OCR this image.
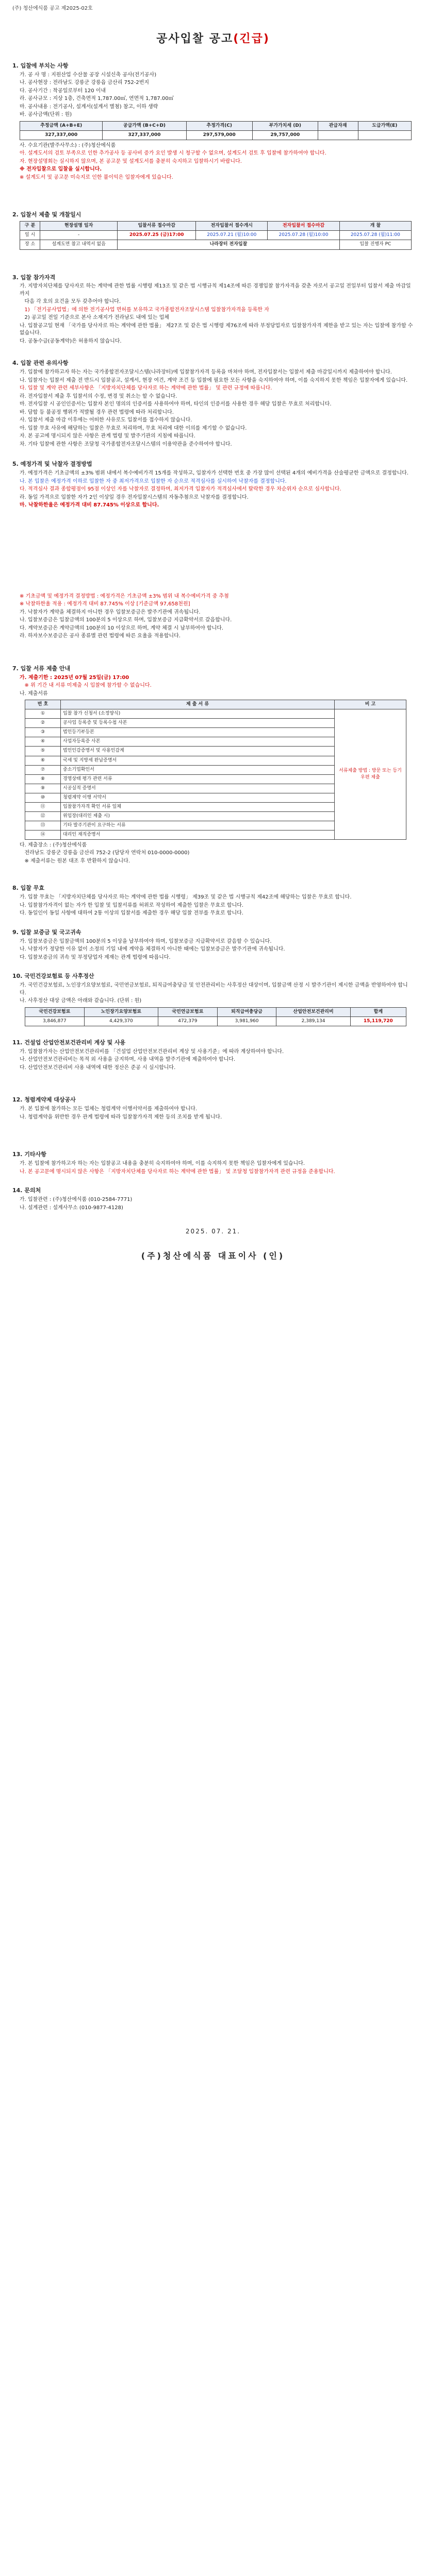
(주) 청산에식품 공고 제2025-02호
공사입찰 공고(긴급)
1. 입찰에 부치는 사항
가. 공 사 명 : 지원산업 수산물 공장 시설신축 공사(전기공사)
나. 공사현장 : 전라남도 강릉군 강릉읍 금산리 752-2번지
다. 공사기간 : 착공일로부터 120 이내
라. 공사규모 : 지상 1층, 건축면적 1,787.00㎡, 연면적 1,787.00㎡
마. 공사내용 : 전기공사, 설계서(설계서 별첨) 참고, 이하 생략
바. 공사금액(단위 : 원)
추정금액 (A+B+E)	공급가액 (B+C+D)	추정가격(C)	부가가치세 (D)	관급자재	도급가액(E)
327,337,000	327,337,000	297,579,000	29,757,000		
사. 수요기관(발주사무소) : (주)청산에식품
아. 설계도서의 검토 부족으로 인한 추가공사 등 공사비 증가 요인 발생 시 청구할 수 없으며, 설계도서 검토 후 입찰에 참가하여야 합니다.
자. 현장설명회는 실시하지 않으며, 본 공고문 및 설계도서를 충분히 숙지하고 입찰하시기 바랍니다.
※ 전자입찰으로 입찰을 실시합니다.
※ 설계도서 및 공고문 미숙지로 인한 불이익은 입찰자에게 있습니다.
2. 입찰서 제출 및 개찰일시
구 분	현장설명 일자	입찰서류 접수마감	전자입찰서 접수개시	전자입찰서 접수마감	개 찰
일 시	-	2025.07.25 (금)17:00	2025.07.21 (월)10:00	2025.07.28 (월)10:00	2025.07.28 (월)11:00
장 소	설계도면 참고 내역서 없음	나라장터 전자입찰			입찰 진행자 PC
3. 입찰 참가자격
가. 지방자치단체를 당사자로 하는 계약에 관한 법률 시행령 제13조 및 같은 법 시행규칙 제14조에 따른 경쟁입찰 참가자격을 갖춘 자로서 공고일 전일부터 입찰서 제출 마감일까지
다음 각 호의 요건을 모두 갖추어야 합니다.
1) 「전기공사업법」에 의한 전기공사업 면허를 보유하고 국가종합전자조달시스템 입찰참가자격을 등록한 자
2) 공고일 전일 기준으로 본사 소재지가 전라남도 내에 있는 업체
나. 입찰공고일 현재 「국가를 당사자로 하는 계약에 관한 법률」 제27조 및 같은 법 시행령 제76조에 따라 부정당업자로 입찰참가자격 제한을 받고 있는 자는 입찰에 참가할 수 없습니다.
다. 공동수급(공동계약)은 허용하지 않습니다.
4. 입찰 관련 유의사항
가. 입찰에 참가하고자 하는 자는 국가종합전자조달시스템(나라장터)에 입찰참가자격 등록을 마쳐야 하며, 전자입찰서는 입찰서 제출 마감일시까지 제출하여야 합니다.
나. 입찰자는 입찰서 제출 전 반드시 입찰공고, 설계서, 현장 여건, 계약 조건 등 입찰에 필요한 모든 사항을 숙지하여야 하며, 이를 숙지하지 못한 책임은 입찰자에게 있습니다.
다. 입찰 및 계약 관련 세부사항은 「지방자치단체를 당사자로 하는 계약에 관한 법률」 및 관련 규정에 따릅니다.
라. 전자입찰서 제출 후 입찰서의 수정, 변경 및 취소는 할 수 없습니다.
마. 전자입찰 시 공인인증서는 입찰자 본인 명의의 인증서를 사용하여야 하며, 타인의 인증서를 사용한 경우 해당 입찰은 무효로 처리합니다.
바. 담합 등 불공정 행위가 적발될 경우 관련 법령에 따라 처리합니다.
사. 입찰서 제출 마감 이후에는 어떠한 사유로도 입찰서를 접수하지 않습니다.
아. 입찰 무효 사유에 해당하는 입찰은 무효로 처리하며, 무효 처리에 대한 이의를 제기할 수 없습니다.
자. 본 공고에 명시되지 않은 사항은 관계 법령 및 발주기관의 지침에 따릅니다.
차. 기타 입찰에 관한 사항은 조달청 국가종합전자조달시스템의 이용약관을 준수하여야 합니다.
5. 예정가격 및 낙찰자 결정방법
가. 예정가격은 기초금액의 ±3% 범위 내에서 복수예비가격 15개를 작성하고, 입찰자가 선택한 번호 중 가장 많이 선택된 4개의 예비가격을 산술평균한 금액으로 결정합니다.
나. 본 입찰은 예정가격 이하로 입찰한 자 중 최저가격으로 입찰한 자 순으로 적격심사를 실시하여 낙찰자를 결정합니다.
다. 적격심사 결과 종합평점이 95점 이상인 자를 낙찰자로 결정하며, 최저가격 입찰자가 적격심사에서 탈락한 경우 차순위자 순으로 심사합니다.
라. 동일 가격으로 입찰한 자가 2인 이상일 경우 전자입찰시스템의 자동추첨으로 낙찰자를 결정합니다.
마. 낙찰하한율은 예정가격 대비 87.745% 이상으로 합니다.
※ 기초금액 및 예정가격 결정방법 : 예정가격은 기초금액 ±3% 범위 내 복수예비가격 중 추첨
※ 낙찰하한율 적용 : 예정가격 대비 87.745% 이상 [기준금액 97,658천원]
가. 낙찰자가 계약을 체결하지 아니한 경우 입찰보증금은 발주기관에 귀속됩니다.
나. 입찰보증금은 입찰금액의 100분의 5 이상으로 하며, 입찰보증금 지급확약서로 갈음합니다.
다. 계약보증금은 계약금액의 100분의 10 이상으로 하며, 계약 체결 시 납부하여야 합니다.
라. 하자보수보증금은 공사 종류별 관련 법령에 따른 요율을 적용합니다.
7. 입찰 서류 제출 안내
가. 제출기한 : 2025년 07월 25일(금) 17:00
※ 위 기간 내 서류 미제출 시 입찰에 참가할 수 없습니다.
나. 제출서류
번 호	제 출 서 류	비 고
①	입찰 참가 신청서 (소정양식)	서류제출 방법 : 방문 또는 등기우편 제출
②	공사업 등록증 및 등록수첩 사본	
③	법인등기부등본	
④	사업자등록증 사본	
⑤	법인인감증명서 및 사용인감계	
⑥	국세 및 지방세 완납증명서	
⑦	중소기업확인서	
⑧	경영상태 평가 관련 서류	
⑨	시공실적 증명서	
⑩	청렴계약 이행 서약서	
⑪	입찰참가자격 확인 서류 일체	
⑫	위임장(대리인 제출 시)	
⑬	기타 발주기관이 요구하는 서류	
⑭	대리인 재직증명서	
다. 제출장소 : (주)청산에식품
전라남도 강릉군 강릉읍 금산리 752-2 (담당자 연락처 010-0000-0000)
※ 제출서류는 원본 대조 후 반환하지 않습니다.
8. 입찰 무효
가. 입찰 무효는 「지방자치단체를 당사자로 하는 계약에 관한 법률 시행령」 제39조 및 같은 법 시행규칙 제42조에 해당하는 입찰은 무효로 합니다.
나. 입찰참가자격이 없는 자가 한 입찰 및 입찰서류를 허위로 작성하여 제출한 입찰은 무효로 합니다.
다. 동일인이 동일 사항에 대하여 2통 이상의 입찰서를 제출한 경우 해당 입찰 전부를 무효로 합니다.
9. 입찰 보증금 및 국고귀속
가. 입찰보증금은 입찰금액의 100분의 5 이상을 납부하여야 하며, 입찰보증금 지급확약서로 갈음할 수 있습니다.
나. 낙찰자가 정당한 이유 없이 소정의 기일 내에 계약을 체결하지 아니한 때에는 입찰보증금은 발주기관에 귀속됩니다.
다. 입찰보증금의 귀속 및 부정당업자 제재는 관계 법령에 따릅니다.
10. 국민건강보험료 등 사후정산
가. 국민건강보험료, 노인장기요양보험료, 국민연금보험료, 퇴직급여충당금 및 안전관리비는 사후정산 대상이며, 입찰금액 산정 시 발주기관이 제시한 금액을 반영하여야 합니다.
나. 사후정산 대상 금액은 아래와 같습니다. (단위 : 원)
국민건강보험료	노인장기요양보험료	국민연금보험료	퇴직급여충당금	산업안전보건관리비	합계
3,846,877	4,429,370	472,379	3,981,960	2,389,134	15,119,720
11. 건설업 산업안전보건관리비 계상 및 사용
가. 입찰참가자는 산업안전보건관리비를 「건설업 산업안전보건관리비 계상 및 사용기준」에 따라 계상하여야 합니다.
나. 산업안전보건관리비는 목적 외 사용을 금지하며, 사용 내역을 발주기관에 제출하여야 합니다.
다. 산업안전보건관리비 사용 내역에 대한 정산은 준공 시 실시합니다.
12. 청렴계약제 대상공사
가. 본 입찰에 참가하는 모든 업체는 청렴계약 이행서약서를 제출하여야 합니다.
나. 청렴계약을 위반한 경우 관계 법령에 따라 입찰참가자격 제한 등의 조치를 받게 됩니다.
13. 기타사항
가. 본 입찰에 참가하고자 하는 자는 입찰공고 내용을 충분히 숙지하여야 하며, 이를 숙지하지 못한 책임은 입찰자에게 있습니다.
나. 본 공고문에 명시되지 않은 사항은 「지방자치단체를 당사자로 하는 계약에 관한 법률」 및 조달청 입찰참가자격 관련 규정을 준용합니다.
14. 문의처
가. 입찰관련 : (주)청산에식품 (010-2584-7771)
나. 설계관련 : 설계사무소 (010-9877-4128)
2025. 07. 21.
(주)청산에식품 대표이사 (인)
